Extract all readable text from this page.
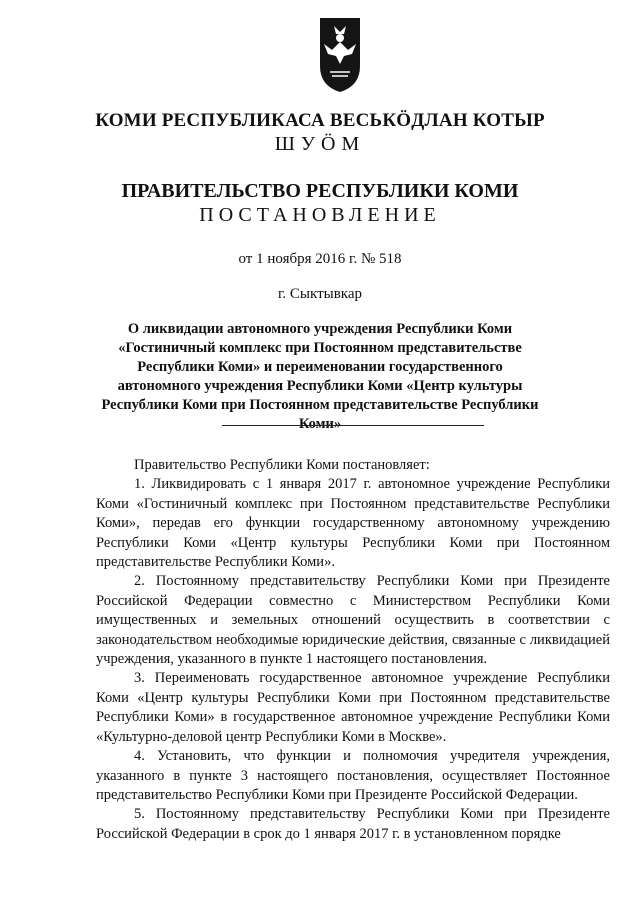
КОМИ РЕСПУБЛИКАСА ВЕСЬКӦДЛАН КОТЫР
ШУӦМ
ПРАВИТЕЛЬСТВО РЕСПУБЛИКИ КОМИ
ПОСТАНОВЛЕНИЕ
от 1 ноября 2016 г. № 518
г. Сыктывкар
О ликвидации автономного учреждения Республики Коми «Гостиничный комплекс при Постоянном представительстве Республики Коми» и переименовании государственного автономного учреждения Республики Коми «Центр культуры Республики Коми при Постоянном представительстве Республики Коми»

Правительство Республики Коми постановляет:

1. Ликвидировать с 1 января 2017 г. автономное учреждение Республики Коми «Гостиничный комплекс при Постоянном представительстве Республики Коми», передав его функции государственному автономному учреждению Республики Коми «Центр культуры Республики Коми при Постоянном представительстве Республики Коми».

2. Постоянному представительству Республики Коми при Президенте Российской Федерации совместно с Министерством Республики Коми имущественных и земельных отношений осуществить в соответствии с законодательством необходимые юридические действия, связанные с ликвидацией учреждения, указанного в пункте 1 настоящего постановления.

3. Переименовать государственное автономное учреждение Республики Коми «Центр культуры Республики Коми при Постоянном представительстве Республики Коми» в государственное автономное учреждение Республики Коми «Культурно-деловой центр Республики Коми в Москве».

4. Установить, что функции и полномочия учредителя учреждения, указанного в пункте 3 настоящего постановления, осуществляет Постоянное представительство Республики Коми при Президенте Российской Федерации.

5. Постоянному представительству Республики Коми при Президенте Российской Федерации в срок до 1 января 2017 г. в установленном порядке
